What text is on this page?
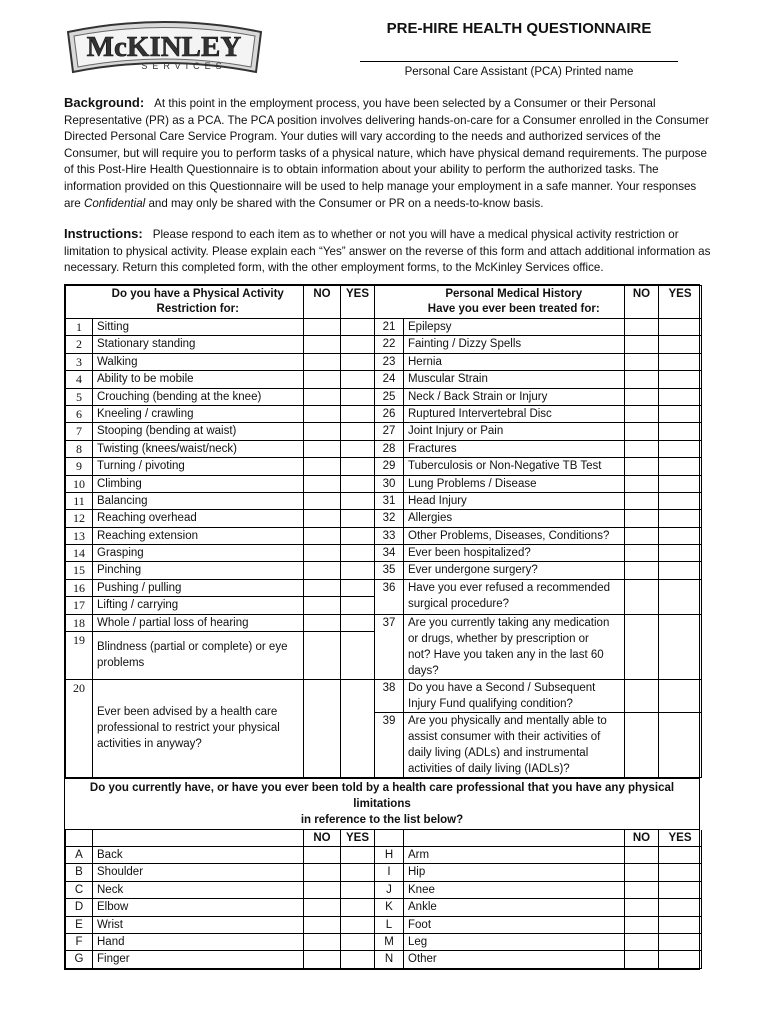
McKINLEY
SERVICES
PRE-HIRE HEALTH QUESTIONNAIRE
Personal Care Assistant (PCA) Printed name
Background: At this point in the employment process, you have been selected by a Consumer or their Personal Representative (PR) as a PCA. The PCA position involves delivering hands-on-care for a Consumer enrolled in the Consumer Directed Personal Care Service Program. Your duties will vary according to the needs and authorized services of the Consumer, but will require you to perform tasks of a physical nature, which have physical demand requirements. The purpose of this Post-Hire Health Questionnaire is to obtain information about your ability to perform the authorized tasks. The information provided on this Questionnaire will be used to help manage your employment in a safe manner. Your responses are Confidential and may only be shared with the Consumer or PR on a needs-to-know basis.
Instructions: Please respond to each item as to whether or not you will have a medical physical activity restriction or limitation to physical activity. Please explain each “Yes” answer on the reverse of this form and attach additional information as necessary. Return this completed form, with the other employment forms, to the McKinley Services office.
	Do you have a Physical Activity
Restriction for:	NO	YES		Personal Medical History
Have you ever been treated for:	NO	YES
1	Sitting			21	Epilepsy		
2	Stationary standing			22	Fainting / Dizzy Spells		
3	Walking			23	Hernia		
4	Ability to be mobile			24	Muscular Strain		
5	Crouching (bending at the knee)			25	Neck / Back Strain or Injury		
6	Kneeling / crawling			26	Ruptured Intervertebral Disc		
7	Stooping (bending at waist)			27	Joint Injury or Pain		
8	Twisting (knees/waist/neck)			28	Fractures		
9	Turning / pivoting			29	Tuberculosis or Non-Negative TB Test		
10	Climbing			30	Lung Problems / Disease		
11	Balancing			31	Head Injury		
12	Reaching overhead			32	Allergies		
13	Reaching extension			33	Other Problems, Diseases, Conditions?		
14	Grasping			34	Ever been hospitalized?		
15	Pinching			35	Ever undergone surgery?		
16	Pushing / pulling			36	Have you ever refused a recommended
surgical procedure?		
17	Lifting / carrying						
18	Whole / partial loss of hearing			37	Are you currently taking any medication
or drugs, whether by prescription or
not? Have you taken any in the last 60
days?		
19	Blindness (partial or complete) or eye
problems						
20	Ever been advised by a health care
professional to restrict your physical
activities in anyway?			38	Do you have a Second / Subsequent
Injury Fund qualifying condition?		
				39	Are you physically and mentally able to
assist consumer with their activities of
daily living (ADLs) and instrumental
activities of daily living (IADLs)?		
Do you currently have, or have you ever been told by a health care professional that you have any physical limitations
in reference to the list below?
		NO	YES			NO	YES
A	Back			H	Arm		
B	Shoulder			I	Hip		
C	Neck			J	Knee		
D	Elbow			K	Ankle		
E	Wrist			L	Foot		
F	Hand			M	Leg		
G	Finger			N	Other		
